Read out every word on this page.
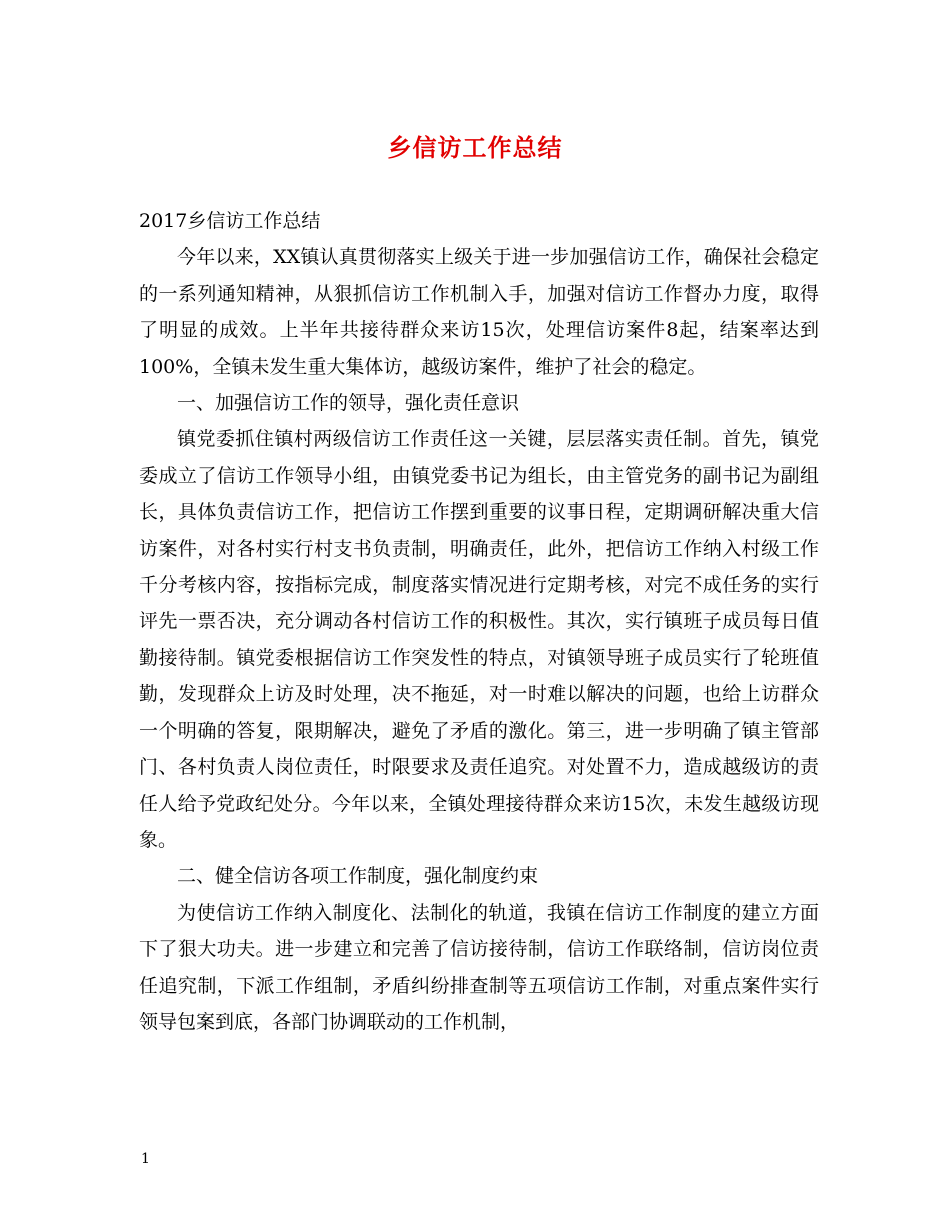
乡信访工作总结

2017乡信访工作总结

今年以来，XX镇认真贯彻落实上级关于进一步加强信访工作，确保社会稳定的一系列通知精神，从狠抓信访工作机制入手，加强对信访工作督办力度，取得了明显的成效。上半年共接待群众来访15次，处理信访案件8起，结案率达到100%，全镇未发生重大集体访，越级访案件，维护了社会的稳定。

一、加强信访工作的领导，强化责任意识

镇党委抓住镇村两级信访工作责任这一关键，层层落实责任制。首先，镇党委成立了信访工作领导小组，由镇党委书记为组长，由主管党务的副书记为副组长，具体负责信访工作，把信访工作摆到重要的议事日程，定期调研解决重大信访案件，对各村实行村支书负责制，明确责任，此外，把信访工作纳入村级工作千分考核内容，按指标完成，制度落实情况进行定期考核，对完不成任务的实行评先一票否决，充分调动各村信访工作的积极性。其次，实行镇班子成员每日值勤接待制。镇党委根据信访工作突发性的特点，对镇领导班子成员实行了轮班值勤，发现群众上访及时处理，决不拖延，对一时难以解决的问题，也给上访群众一个明确的答复，限期解决，避免了矛盾的激化。第三，进一步明确了镇主管部门、各村负责人岗位责任，时限要求及责任追究。对处置不力，造成越级访的责任人给予党政纪处分。今年以来，全镇处理接待群众来访15次，未发生越级访现象。

二、健全信访各项工作制度，强化制度约束

为使信访工作纳入制度化、法制化的轨道，我镇在信访工作制度的建立方面下了狠大功夫。进一步建立和完善了信访接待制，信访工作联络制，信访岗位责任追究制，下派工作组制，矛盾纠纷排查制等五项信访工作制，对重点案件实行领导包案到底，各部门协调联动的工作机制，

1
